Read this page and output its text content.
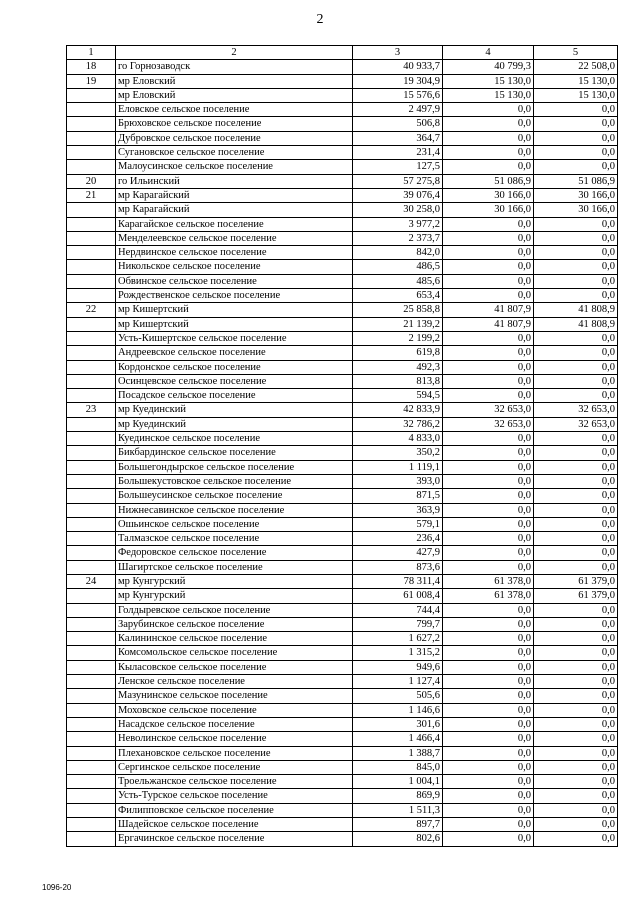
2
1	2	3	4	5
18	го Горнозаводск	40 933,7	40 799,3	22 508,0
19	мр Еловский	19 304,9	15 130,0	15 130,0
	мр Еловский	15 576,6	15 130,0	15 130,0
	Еловское сельское поселение	2 497,9	0,0	0,0
	Брюховское сельское поселение	506,8	0,0	0,0
	Дубровское сельское поселение	364,7	0,0	0,0
	Сугановское сельское поселение	231,4	0,0	0,0
	Малоусинское сельское поселение	127,5	0,0	0,0
20	го Ильинский	57 275,8	51 086,9	51 086,9
21	мр Карагайский	39 076,4	30 166,0	30 166,0
	мр Карагайский	30 258,0	30 166,0	30 166,0
	Карагайское сельское поселение	3 977,2	0,0	0,0
	Менделеевское сельское поселение	2 373,7	0,0	0,0
	Нердвинское сельское поселение	842,0	0,0	0,0
	Никольское сельское поселение	486,5	0,0	0,0
	Обвинское сельское поселение	485,6	0,0	0,0
	Рождественское сельское поселение	653,4	0,0	0,0
22	мр Кишертский	25 858,8	41 807,9	41 808,9
	мр Кишертский	21 139,2	41 807,9	41 808,9
	Усть-Кишертское сельское поселение	2 199,2	0,0	0,0
	Андреевское сельское поселение	619,8	0,0	0,0
	Кордонское сельское поселение	492,3	0,0	0,0
	Осинцевское сельское поселение	813,8	0,0	0,0
	Посадское сельское поселение	594,5	0,0	0,0
23	мр Куединский	42 833,9	32 653,0	32 653,0
	мр Куединский	32 786,2	32 653,0	32 653,0
	Куединское сельское поселение	4 833,0	0,0	0,0
	Бикбардинское сельское поселение	350,2	0,0	0,0
	Большегондырское сельское поселение	1 119,1	0,0	0,0
	Большекустовское сельское поселение	393,0	0,0	0,0
	Большеусинское сельское поселение	871,5	0,0	0,0
	Нижнесавинское сельское поселение	363,9	0,0	0,0
	Ошьинское сельское поселение	579,1	0,0	0,0
	Талмазское сельское поселение	236,4	0,0	0,0
	Федоровское сельское поселение	427,9	0,0	0,0
	Шагиртское сельское поселение	873,6	0,0	0,0
24	мр Кунгурский	78 311,4	61 378,0	61 379,0
	мр Кунгурский	61 008,4	61 378,0	61 379,0
	Голдыревское сельское поселение	744,4	0,0	0,0
	Зарубинское сельское поселение	799,7	0,0	0,0
	Калининское сельское поселение	1 627,2	0,0	0,0
	Комсомольское сельское поселение	1 315,2	0,0	0,0
	Кыласовское сельское поселение	949,6	0,0	0,0
	Ленское сельское поселение	1 127,4	0,0	0,0
	Мазунинское сельское поселение	505,6	0,0	0,0
	Моховское сельское поселение	1 146,6	0,0	0,0
	Насадское сельское поселение	301,6	0,0	0,0
	Неволинское сельское поселение	1 466,4	0,0	0,0
	Плехановское сельское поселение	1 388,7	0,0	0,0
	Сергинское сельское поселение	845,0	0,0	0,0
	Троельжанское сельское поселение	1 004,1	0,0	0,0
	Усть-Турское сельское поселение	869,9	0,0	0,0
	Филипповское сельское поселение	1 511,3	0,0	0,0
	Шадейское сельское поселение	897,7	0,0	0,0
	Ергачинское сельское поселение	802,6	0,0	0,0
1096-20
